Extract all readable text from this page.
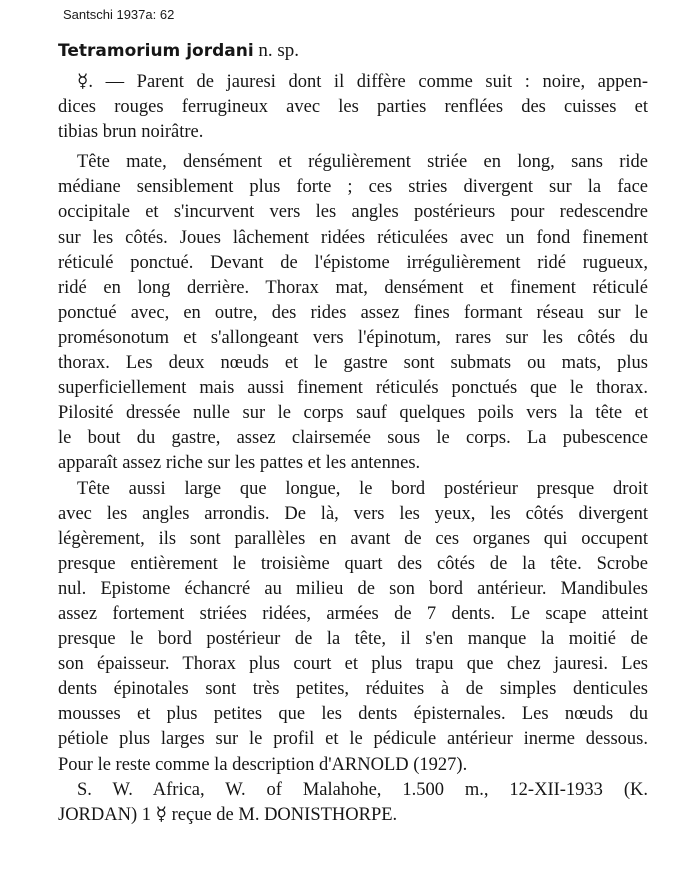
Santschi 1937a: 62
Tetramorium jordani n. sp.
☿. — Parent de jauresi dont il diffère comme suit : noire, appen-
dices rouges ferrugineux avec les parties renflées des cuisses et
tibias brun noirâtre.
Tête mate, densément et régulièrement striée en long, sans ride
médiane sensiblement plus forte ; ces stries divergent sur la face
occipitale et s'incurvent vers les angles postérieurs pour redescendre
sur les côtés. Joues lâchement ridées réticulées avec un fond finement
réticulé ponctué. Devant de l'épistome irrégulièrement ridé rugueux,
ridé en long derrière. Thorax mat, densément et finement réticulé
ponctué avec, en outre, des rides assez fines formant réseau sur le
promésonotum et s'allongeant vers l'épinotum, rares sur les côtés du
thorax. Les deux nœuds et le gastre sont submats ou mats, plus
superficiellement mais aussi finement réticulés ponctués que le thorax.
Pilosité dressée nulle sur le corps sauf quelques poils vers la tête et
le bout du gastre, assez clairsemée sous le corps. La pubescence
apparaît assez riche sur les pattes et les antennes.
Tête aussi large que longue, le bord postérieur presque droit
avec les angles arrondis. De là, vers les yeux, les côtés divergent
légèrement, ils sont parallèles en avant de ces organes qui occupent
presque entièrement le troisième quart des côtés de la tête. Scrobe
nul. Epistome échancré au milieu de son bord antérieur. Mandibules
assez fortement striées ridées, armées de 7 dents. Le scape atteint
presque le bord postérieur de la tête, il s'en manque la moitié de
son épaisseur. Thorax plus court et plus trapu que chez jauresi. Les
dents épinotales sont très petites, réduites à de simples denticules
mousses et plus petites que les dents épisternales. Les nœuds du
pétiole plus larges sur le profil et le pédicule antérieur inerme dessous.
Pour le reste comme la description d'ARNOLD (1927).
S. W. Africa, W. of Malahohe, 1.500 m., 12-XII-1933 (K.
JORDAN) 1 ☿ reçue de M. DONISTHORPE.
